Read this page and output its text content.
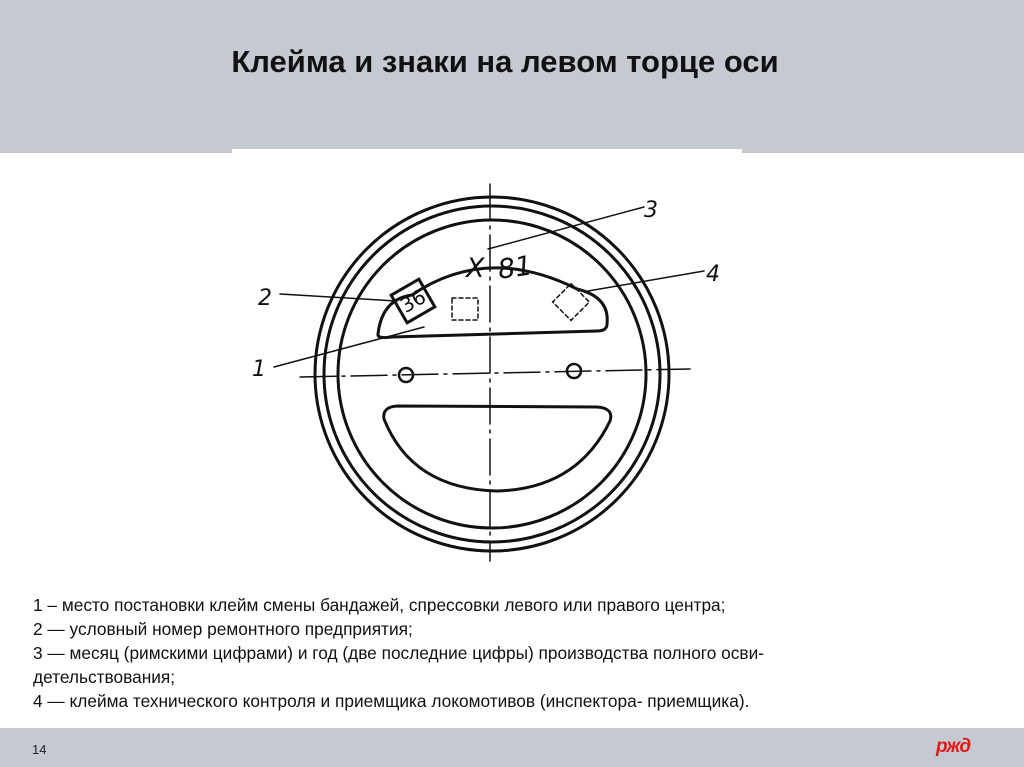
Клейма и знаки на левом торце оси
X 81
36
1
2
3
4
1 – место постановки клейм смены бандажей, спрессовки левого или правого центра;
2 — условный номер ремонтного предприятия;
3 — месяц (римскими цифрами) и год (две последние цифры) производства полного осви-
детельствования;
4 — клейма технического контроля и приемщика локомотивов (инспектора- приемщика).
14	ржд
